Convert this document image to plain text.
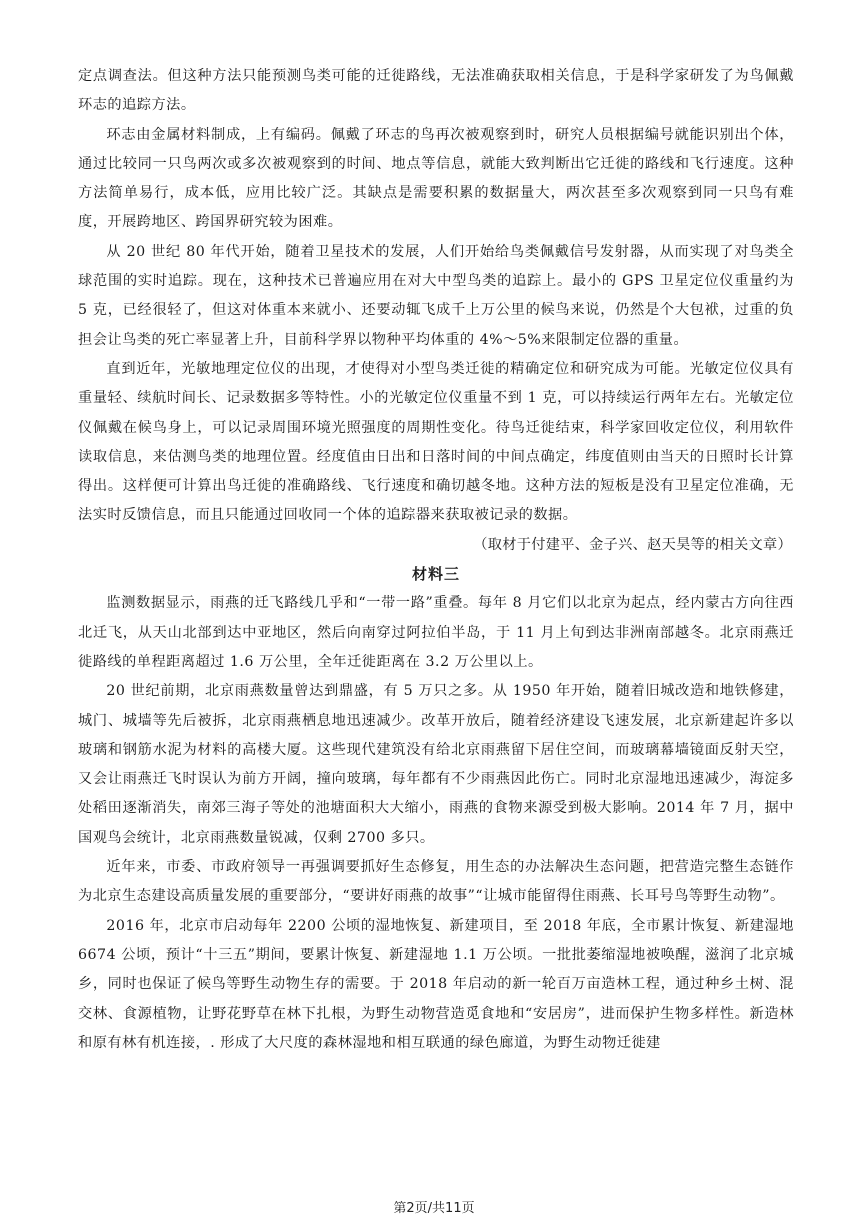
定点调查法。但这种方法只能预测鸟类可能的迁徙路线，无法准确获取相关信息，于是科学家研发了为鸟佩戴环志的追踪方法。

环志由金属材料制成，上有编码。佩戴了环志的鸟再次被观察到时，研究人员根据编号就能识别出个体，通过比较同一只鸟两次或多次被观察到的时间、地点等信息，就能大致判断出它迁徙的路线和飞行速度。这种方法简单易行，成本低，应用比较广泛。其缺点是需要积累的数据量大，两次甚至多次观察到同一只鸟有难度，开展跨地区、跨国界研究较为困难。

从 20 世纪 80 年代开始，随着卫星技术的发展，人们开始给鸟类佩戴信号发射器，从而实现了对鸟类全球范围的实时追踪。现在，这种技术已普遍应用在对大中型鸟类的追踪上。最小的 GPS 卫星定位仪重量约为 5 克，已经很轻了，但这对体重本来就小、还要动辄飞成千上万公里的候鸟来说，仍然是个大包袱，过重的负担会让鸟类的死亡率显著上升，目前科学界以物种平均体重的 4%～5%来限制定位器的重量。

直到近年，光敏地理定位仪的出现，才使得对小型鸟类迁徙的精确定位和研究成为可能。光敏定位仪具有重量轻、续航时间长、记录数据多等特性。小的光敏定位仪重量不到 1 克，可以持续运行两年左右。光敏定位仪佩戴在候鸟身上，可以记录周围环境光照强度的周期性变化。待鸟迁徙结束，科学家回收定位仪，利用软件读取信息，来估测鸟类的地理位置。经度值由日出和日落时间的中间点确定，纬度值则由当天的日照时长计算得出。这样便可计算出鸟迁徙的准确路线、飞行速度和确切越冬地。这种方法的短板是没有卫星定位准确，无法实时反馈信息，而且只能通过回收同一个体的追踪器来获取被记录的数据。

（取材于付建平、金子兴、赵天昊等的相关文章）

材料三

监测数据显示，雨燕的迁飞路线几乎和“一带一路”重叠。每年 8 月它们以北京为起点，经内蒙古方向往西北迁飞，从天山北部到达中亚地区，然后向南穿过阿拉伯半岛，于 11 月上旬到达非洲南部越冬。北京雨燕迁徙路线的单程距离超过 1.6 万公里，全年迁徙距离在 3.2 万公里以上。

20 世纪前期，北京雨燕数量曾达到鼎盛，有 5 万只之多。从 1950 年开始，随着旧城改造和地铁修建，城门、城墙等先后被拆，北京雨燕栖息地迅速减少。改革开放后，随着经济建设飞速发展，北京新建起许多以玻璃和钢筋水泥为材料的高楼大厦。这些现代建筑没有给北京雨燕留下居住空间，而玻璃幕墙镜面反射天空，又会让雨燕迁飞时误认为前方开阔，撞向玻璃，每年都有不少雨燕因此伤亡。同时北京湿地迅速减少，海淀多处稻田逐渐消失，南郊三海子等处的池塘面积大大缩小，雨燕的食物来源受到极大影响。2014 年 7 月，据中国观鸟会统计，北京雨燕数量锐减，仅剩 2700 多只。

近年来，市委、市政府领导一再强调要抓好生态修复，用生态的办法解决生态问题，把营造完整生态链作为北京生态建设高质量发展的重要部分，“要讲好雨燕的故事”“让城市能留得住雨燕、长耳号鸟等野生动物”。

2016 年，北京市启动每年 2200 公顷的湿地恢复、新建项目，至 2018 年底，全市累计恢复、新建湿地 6674 公顷，预计“十三五”期间，要累计恢复、新建湿地 1.1 万公顷。一批批萎缩湿地被唤醒，滋润了北京城乡，同时也保证了候鸟等野生动物生存的需要。于 2018 年启动的新一轮百万亩造林工程，通过种乡土树、混交林、食源植物，让野花野草在林下扎根，为野生动物营造觅食地和“安居房”，进而保护生物多样性。新造林和原有林有机连接，. 形成了大尺度的森林湿地和相互联通的绿色廊道，为野生动物迁徙建

第2页/共11页
